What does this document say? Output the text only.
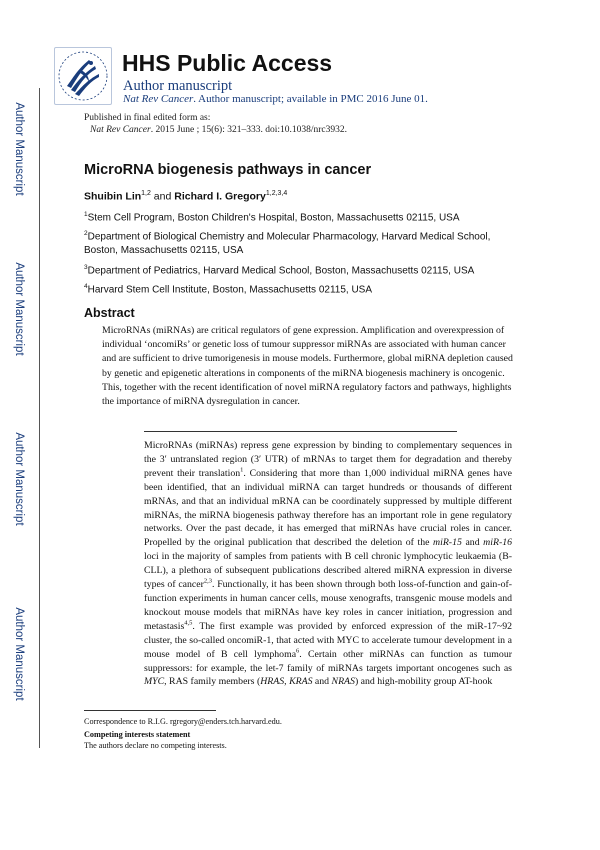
Author Manuscript
Author Manuscript
Author Manuscript
Author Manuscript
HHS Public Access
Author manuscript
Nat Rev Cancer. Author manuscript; available in PMC 2016 June 01.
Published in final edited form as:
Nat Rev Cancer. 2015 June ; 15(6): 321–333. doi:10.1038/nrc3932.
MicroRNA biogenesis pathways in cancer
Shuibin Lin$^{1,2}$ and Richard I. Gregory$^{1,2,3,4}$
$^1$Stem Cell Program, Boston Children's Hospital, Boston, Massachusetts 02115, USA
$^2$Department of Biological Chemistry and Molecular Pharmacology, Harvard Medical School, Boston, Massachusetts 02115, USA
$^3$Department of Pediatrics, Harvard Medical School, Boston, Massachusetts 02115, USA
$^4$Harvard Stem Cell Institute, Boston, Massachusetts 02115, USA
Abstract
MicroRNAs (miRNAs) are critical regulators of gene expression. Amplification and overexpression of individual ‘oncomiRs’ or genetic loss of tumour suppressor miRNAs are associated with human cancer and are sufficient to drive tumorigenesis in mouse models. Furthermore, global miRNA depletion caused by genetic and epigenetic alterations in components of the miRNA biogenesis machinery is oncogenic. This, together with the recent identification of novel miRNA regulatory factors and pathways, highlights the importance of miRNA dysregulation in cancer.
MicroRNAs (miRNAs) repress gene expression by binding to complementary sequences in the 3′ untranslated region (3′ UTR) of mRNAs to target them for degradation and thereby prevent their translation$^1$. Considering that more than 1,000 individual miRNA genes have been identified, that an individual miRNA can target hundreds or thousands of different mRNAs, and that an individual mRNA can be coordinately suppressed by multiple different miRNAs, the miRNA biogenesis pathway therefore has an important role in gene regulatory networks. Over the past decade, it has emerged that miRNAs have crucial roles in cancer. Propelled by the original publication that described the deletion of the miR-15 and miR-16 loci in the majority of samples from patients with B cell chronic lymphocytic leukaemia (B-CLL), a plethora of subsequent publications described altered miRNA expression in diverse types of cancer$^{2,3}$. Functionally, it has been shown through both loss-of-function and gain-of-function experiments in human cancer cells, mouse xenografts, transgenic mouse models and knockout mouse models that miRNAs have key roles in cancer initiation, progression and metastasis$^{4,5}$. The first example was provided by enforced expression of the miR-17~92 cluster, the so-called oncomiR-1, that acted with MYC to accelerate tumour development in a mouse model of B cell lymphoma$^6$. Certain other miRNAs can function as tumour suppressors: for example, the let-7 family of miRNAs targets important oncogenes such as MYC, RAS family members (HRAS, KRAS and NRAS) and high-mobility group AT-hook
Correspondence to R.I.G. rgregory@enders.tch.harvard.edu.
Competing interests statement
The authors declare no competing interests.
